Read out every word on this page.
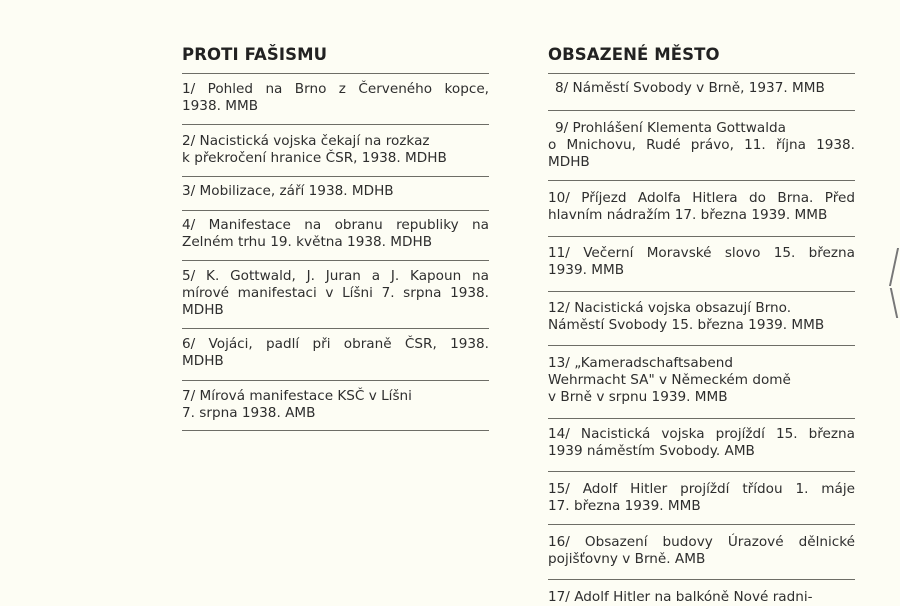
PROTI FAŠISMU
1/ Pohled na Brno z Červeného kopce,
1938. MMB
2/ Nacistická vojska čekají na rozkaz
k překročení hranice ČSR, 1938. MDHB
3/ Mobilizace, září 1938. MDHB
4/ Manifestace na obranu republiky na
Zelném trhu 19. května 1938. MDHB
5/ K. Gottwald, J. Juran a J. Kapoun na
mírové manifestaci v Líšni 7. srpna 1938.
MDHB
6/ Vojáci, padlí při obraně ČSR, 1938.
MDHB
7/ Mírová manifestace KSČ v Líšni
7. srpna 1938. AMB
OBSAZENÉ MĚSTO
8/ Náměstí Svobody v Brně, 1937. MMB
9/ Prohlášení Klementa Gottwalda
o Mnichovu, Rudé právo, 11. října 1938.
MDHB
10/ Příjezd Adolfa Hitlera do Brna. Před
hlavním nádražím 17. března 1939. MMB
11/ Večerní Moravské slovo 15. března
1939. MMB
12/ Nacistická vojska obsazují Brno.
Náměstí Svobody 15. března 1939. MMB
13/ „Kameradschaftsabend
Wehrmacht SA" v Německém domě
v Brně v srpnu 1939. MMB
14/ Nacistická vojska projíždí 15. března
1939 náměstím Svobody. AMB
15/ Adolf Hitler projíždí třídou 1. máje
17. března 1939. MMB
16/ Obsazení budovy Úrazové dělnické
pojišťovny v Brně. AMB
17/ Adolf Hitler na balkóně Nové radni-
